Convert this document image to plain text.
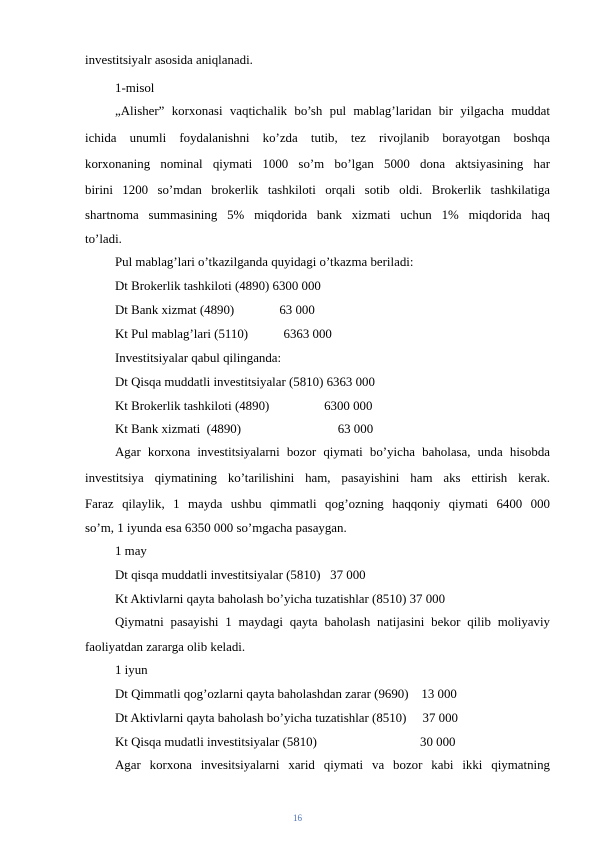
investitsiyalr asosida aniqlanadi.
1-misol
„Alisher” korxonasi vaqtichalik bo’sh pul mablag’laridan bir yilgacha muddat
ichida unumli foydalanishni ko’zda tutib, tez rivojlanib borayotgan boshqa
korxonaning nominal qiymati 1000 so’m bo’lgan 5000 dona aktsiyasining har
birini 1200 so’mdan brokerlik tashkiloti orqali sotib oldi. Brokerlik tashkilatiga
shartnoma summasining 5% miqdorida bank xizmati uchun 1% miqdorida haq
to’ladi.
Pul mablag’lari o’tkazilganda quyidagi o’tkazma beriladi:
Dt Brokerlik tashkiloti (4890) 6300 000
Dt Bank xizmat (4890)              63 000
Kt Pul mablag’lari (5110)           6363 000
Investitsiyalar qabul qilinganda:
Dt Qisqa muddatli investitsiyalar (5810) 6363 000
Kt Brokerlik tashkiloti (4890)                 6300 000
Kt Bank xizmati  (4890)                              63 000
Agar korxona investitsiyalarni bozor qiymati bo’yicha baholasa, unda hisobda
investitsiya qiymatining ko’tarilishini ham, pasayishini ham aks ettirish kerak.
Faraz qilaylik, 1 mayda ushbu qimmatli qog’ozning haqqoniy qiymati 6400 000
so’m, 1 iyunda esa 6350 000 so’mgacha pasaygan.
1 may
Dt qisqa muddatli investitsiyalar (5810)   37 000
Kt Aktivlarni qayta baholash bo’yicha tuzatishlar (8510) 37 000
Qiymatni pasayishi 1 maydagi qayta baholash natijasini bekor qilib moliyaviy
faoliyatdan zararga olib keladi.
1 iyun
Dt Qimmatli qog’ozlarni qayta baholashdan zarar (9690)    13 000
Dt Aktivlarni qayta baholash bo’yicha tuzatishlar (8510)     37 000
Kt Qisqa mudatli investitsiyalar (5810)                                30 000
Agar korxona invesitsiyalarni xarid qiymati va bozor kabi ikki qiymatning
16
